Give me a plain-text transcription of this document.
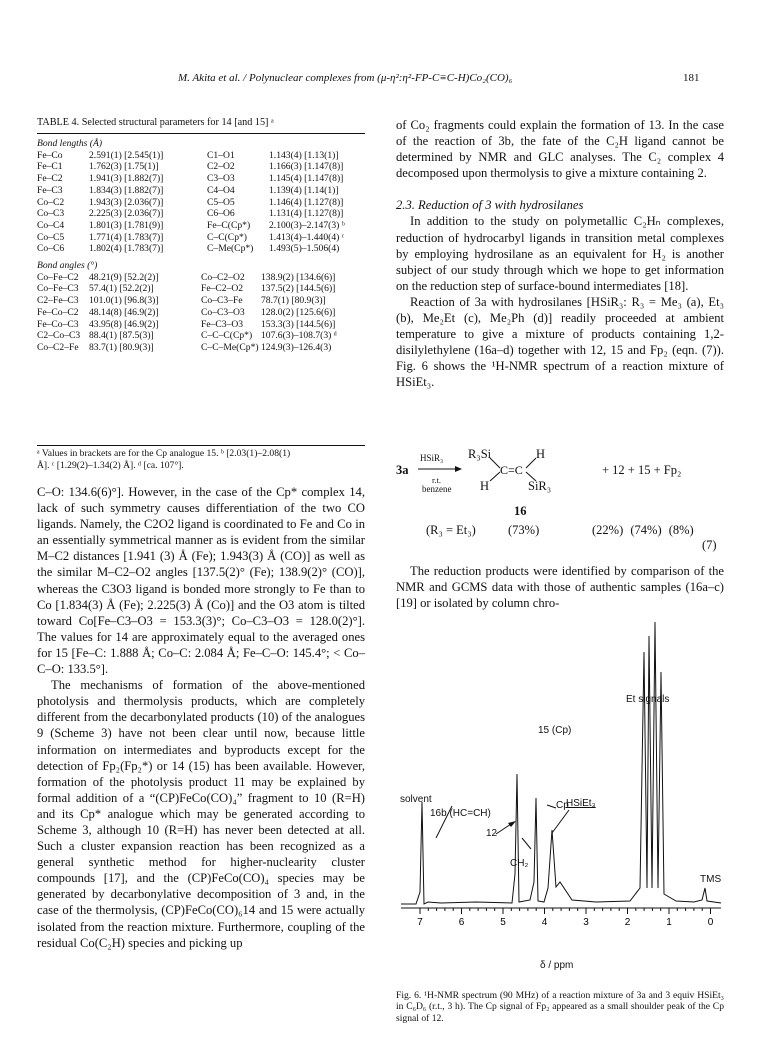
M. Akita et al. / Polynuclear complexes from (μ-η²:η²-FP-C≡C-H)Co₂(CO)₆	181
TABLE 4. Selected structural parameters for 14 [and 15] ᵃ
Bond lengths (Å)
Fe–Co	2.591(1) [2.545(1)]	C1–O1	1.143(4) [1.13(1)]
Fe–C1	1.762(3) [1.75(1)]	C2–O2	1.166(3) [1.147(8)]
Fe–C2	1.941(3) [1.882(7)]	C3–O3	1.145(4) [1.147(8)]
Fe–C3	1.834(3) [1.882(7)]	C4–O4	1.139(4) [1.14(1)]
Co–C2	1.943(3) [2.036(7)]	C5–O5	1.146(4) [1.127(8)]
Co–C3	2.225(3) [2.036(7)]	C6–O6	1.131(4) [1.127(8)]
Co–C4	1.801(3) [1.781(9)]	Fe–C(Cp*)	2.100(3)–2.147(3) ᵇ
Co–C5	1.771(4) [1.783(7)]	C–C(Cp*)	1.413(4)–1.440(4) ᶜ
Co–C6	1.802(4) [1.783(7)]	C–Me(Cp*)	1.493(5)–1.506(4)
Bond angles (°)
Co–Fe–C2	48.21(9) [52.2(2)]	Co–C2–O2	138.9(2) [134.6(6)]
Co–Fe–C3	57.4(1) [52.2(2)]	Fe–C2–O2	137.5(2) [144.5(6)]
C2–Fe–C3	101.0(1) [96.8(3)]	Co–C3–Fe	78.7(1) [80.9(3)]
Fe–Co–C2	48.14(8) [46.9(2)]	Co–C3–O3	128.0(2) [125.6(6)]
Fe–Co–C3	43.95(8) [46.9(2)]	Fe–C3–O3	153.3(3) [144.5(6)]
C2–Co–C3 88.4(1) [87.5(3)]	C–C–C(Cp*) 107.6(3)–108.7(3) ᵈ
Co–C2–Fe	83.7(1) [80.9(3)]	C–C–Me(Cp*) 124.9(3)–126.4(3)
ᵃ Values in brackets are for the Cp analogue 15. ᵇ [2.03(1)–2.08(1)
Å]. ᶜ [1.29(2)–1.34(2) Å]. ᵈ [ca. 107°].

C–O: 134.6(6)°]. However, in the case of the Cp* complex 14, lack of such symmetry causes differentiation of the two CO ligands. Namely, the C2O2 ligand is coordinated to Fe and Co in an essentially symmetrical manner as is evident from the similar M–C2 distances [1.941 (3) Å (Fe); 1.943(3) Å (CO)] as well as the similar M–C2–O2 angles [137.5(2)° (Fe); 138.9(2)° (CO)], whereas the C3O3 ligand is bonded more strongly to Fe than to Co [1.834(3) Å (Fe); 2.225(3) Å (Co)] and the O3 atom is tilted toward Co[Fe–C3–O3 = 153.3(3)°; Co–C3–O3 = 128.0(2)°]. The values for 14 are approximately equal to the averaged ones for 15 [Fe–C: 1.888 Å; Co–C: 2.084 Å; Fe–C–O: 145.4°; < Co–C–O: 133.5°].

The mechanisms of formation of the above-mentioned photolysis and thermolysis products, which are completely different from the decarbonylated products (10) of the analogues 9 (Scheme 3) have not been clear until now, because little information on intermediates and byproducts except for the detection of Fp₂(Fp₂*) or 14 (15) has been available. However, formation of the photolysis product 11 may be explained by formal addition of a “(CP)FeCo(CO)₄” fragment to 10 (R=H) and its Cp* analogue which may be generated according to Scheme 3, although 10 (R=H) has never been detected at all. Such a cluster expansion reaction has been recognized as a general synthetic method for higher-nuclearity cluster compounds [17], and the (CP)FeCo(CO)₄ species may be generated by decarbonylative decomposition of 3 and, in the case of the thermolysis, (CP)FeCo(CO)₆14 and 15 were actually isolated from the reaction mixture. Furthermore, coupling of the residual Co(C₂H) species and picking up

of Co₂ fragments could explain the formation of 13. In the case of the reaction of 3b, the fate of the C₂H ligand cannot be determined by NMR and GLC analyses. The C₂ complex 4 decomposed upon thermolysis to give a mixture containing 2.

2.3. Reduction of 3 with hydrosilanes

In addition to the study on polymetallic C₂Hₙ complexes, reduction of hydrocarbyl ligands in transition metal complexes by employing hydrosilane as an equivalent for H₂ is another subject of our study through which we hope to get information on the reduction step of surface-bound intermediates [18].

Reaction of 3a with hydrosilanes [HSiR₃: R₃ = Me₃ (a), Et₃ (b), Me₂Et (c), Me₂Ph (d)] readily proceeded at ambient temperature to give a mixture of products containing 1,2-disilylethylene (16a–d) together with 12, 15 and Fp₂ (eqn. (7)). Fig. 6 shows the ¹H-NMR spectrum of a reaction mixture of HSiEt₃.

3a
HSiR₃
r.t.
benzene
R₃Si	H
H	SiR₃
C=C	+ 12 + 15 + Fp₂
16
(R₃ = Et₃)	(73%)	(22%) (74%) (8%)
(7)

The reduction products were identified by comparison of the NMR and GCMS data with those of authentic samples (16a–c) [19] or isolated by column chro-

7	6	5	4	3	2	1	0
Et signals
15 (Cp)
solvent
16b (HC=CH)
Cp
HSiEt₃
12
CH₂
TMS
δ / ppm
Fig. 6. ¹H-NMR spectrum (90 MHz) of a reaction mixture of 3a and 3 equiv HSiEt₃ in C₆D₆ (r.t., 3 h). The Cp signal of Fp₂ appeared as a small shoulder peak of the Cp signal of 12.
